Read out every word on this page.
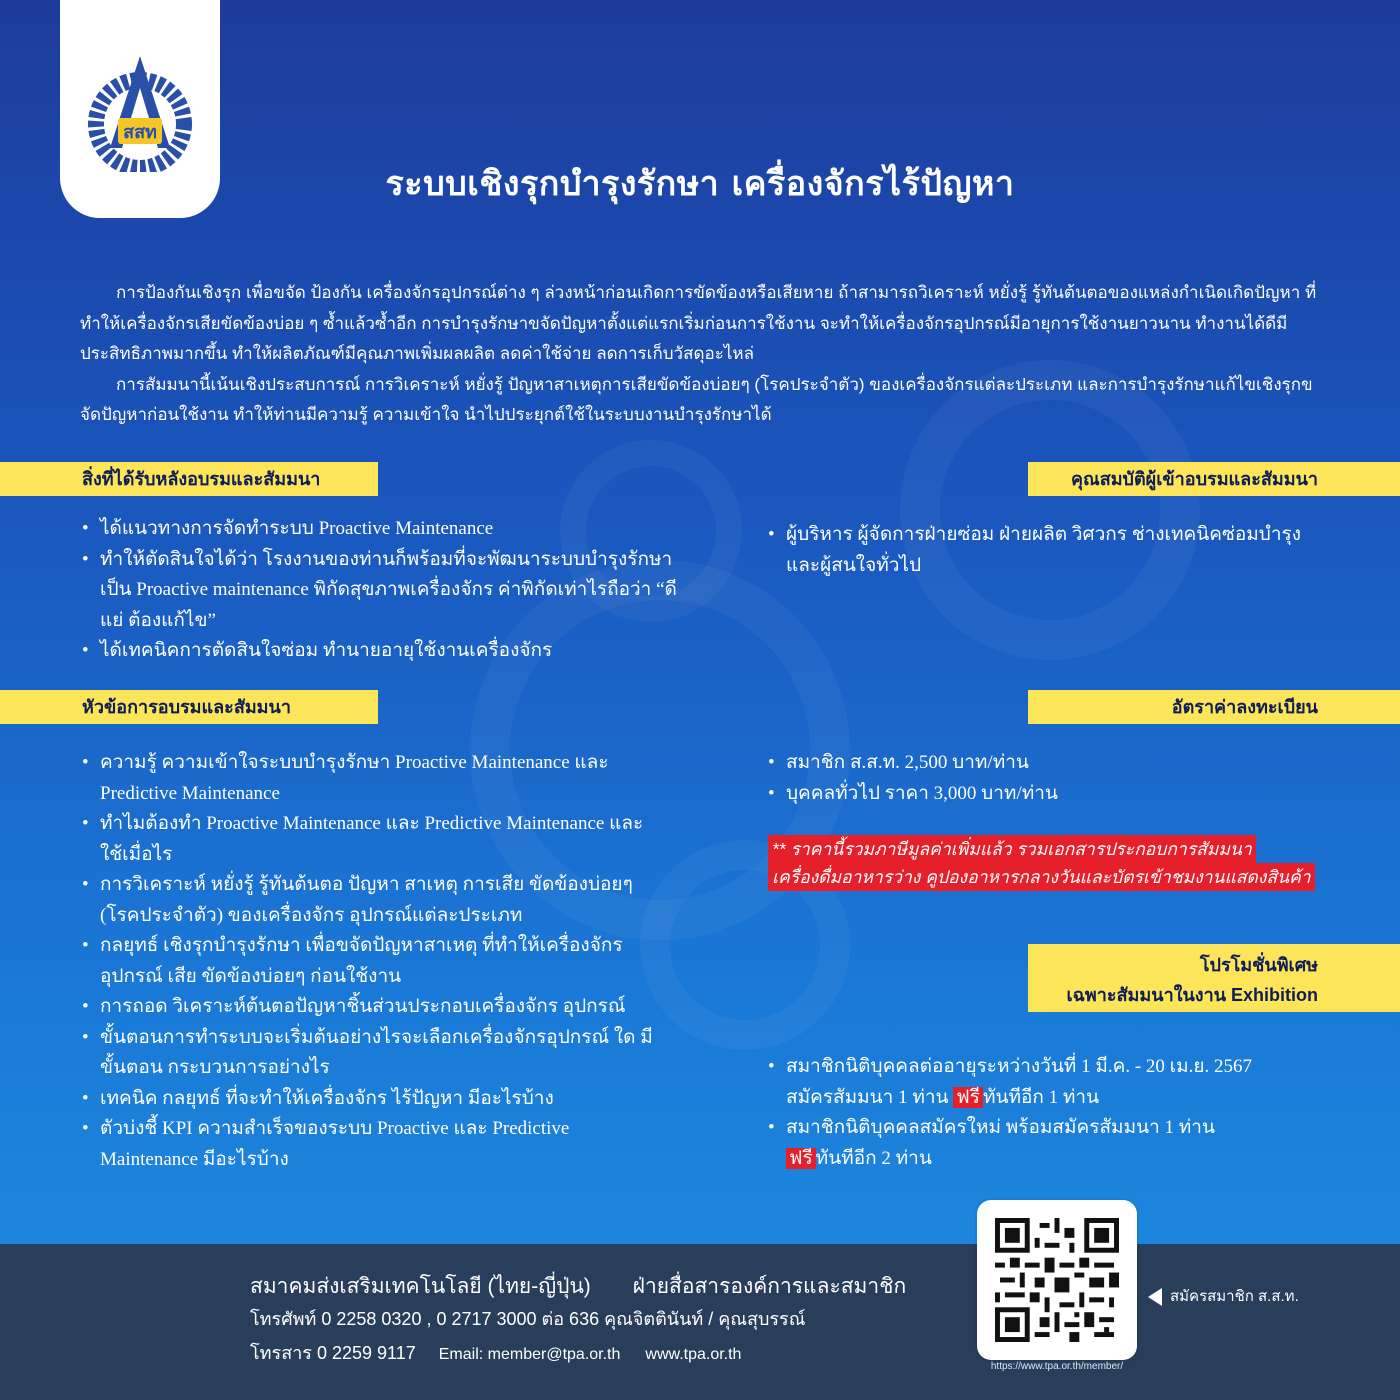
สสท
ระบบเชิงรุกบำรุงรักษา เครื่องจักรไร้ปัญหา

การป้องกันเชิงรุก เพื่อขจัด ป้องกัน เครื่องจักรอุปกรณ์ต่าง ๆ ล่วงหน้าก่อนเกิดการขัดข้องหรือเสียหาย ถ้าสามารถวิเคราะห์ หยั่งรู้ รู้ทันต้นตอของแหล่งกำเนิดเกิดปัญหา ที่ทำให้เครื่องจักรเสียขัดข้องบ่อย ๆ ซ้ำแล้วซ้ำอีก การบำรุงรักษาขจัดปัญหาตั้งแต่แรกเริ่มก่อนการใช้งาน จะทำให้เครื่องจักรอุปกรณ์มีอายุการใช้งานยาวนาน ทำงานได้ดีมีประสิทธิภาพมากขึ้น ทำให้ผลิตภัณฑ์มีคุณภาพเพิ่มผลผลิต ลดค่าใช้จ่าย ลดการเก็บวัสดุอะไหล่

การสัมมนานี้เน้นเชิงประสบการณ์ การวิเคราะห์ หยั่งรู้ ปัญหาสาเหตุการเสียขัดข้องบ่อยๆ (โรคประจำตัว) ของเครื่องจักรแต่ละประเภท และการบำรุงรักษาแก้ไขเชิงรุกขจัดปัญหาก่อนใช้งาน ทำให้ท่านมีความรู้ ความเข้าใจ นำไปประยุกต์ใช้ในระบบงานบำรุงรักษาได้

สิ่งที่ได้รับหลังอบรมและสัมมนา
• ได้แนวทางการจัดทำระบบ Proactive Maintenance
• ทำให้ตัดสินใจได้ว่า โรงงานของท่านก็พร้อมที่จะพัฒนาระบบบำรุงรักษาเป็น Proactive maintenance พิกัดสุขภาพเครื่องจักร ค่าพิกัดเท่าไรถือว่า “ดี แย่ ต้องแก้ไข”
• ได้เทคนิคการตัดสินใจซ่อม ทำนายอายุใช้งานเครื่องจักร
คุณสมบัติผู้เข้าอบรมและสัมมนา
• ผู้บริหาร ผู้จัดการฝ่ายซ่อม ฝ่ายผลิต วิศวกร ช่างเทคนิคซ่อมบำรุง และผู้สนใจทั่วไป
หัวข้อการอบรมและสัมมนา
• ความรู้ ความเข้าใจระบบบำรุงรักษา Proactive Maintenance และ Predictive Maintenance
• ทำไมต้องทำ Proactive Maintenance และ Predictive Maintenance และใช้เมื่อไร
• การวิเคราะห์ หยั่งรู้ รู้ทันต้นตอ ปัญหา สาเหตุ การเสีย ขัดข้องบ่อยๆ (โรคประจำตัว) ของเครื่องจักร อุปกรณ์แต่ละประเภท
• กลยุทธ์ เชิงรุกบำรุงรักษา เพื่อขจัดปัญหาสาเหตุ ที่ทำให้เครื่องจักร อุปกรณ์ เสีย ขัดข้องบ่อยๆ ก่อนใช้งาน
• การถอด วิเคราะห์ต้นตอปัญหาชิ้นส่วนประกอบเครื่องจักร อุปกรณ์
• ขั้นตอนการทำระบบจะเริ่มต้นอย่างไรจะเลือกเครื่องจักรอุปกรณ์ ใด มีขั้นตอน กระบวนการอย่างไร
• เทคนิค กลยุทธ์ ที่จะทำให้เครื่องจักร ไร้ปัญหา มีอะไรบ้าง
• ตัวบ่งชี้ KPI ความสำเร็จของระบบ Proactive และ Predictive Maintenance มีอะไรบ้าง
อัตราค่าลงทะเบียน
• สมาชิก ส.ส.ท. 2,500 บาท/ท่าน
• บุคคลทั่วไป ราคา 3,000 บาท/ท่าน
** ราคานี้รวมภาษีมูลค่าเพิ่มแล้ว รวมเอกสารประกอบการสัมมนา
เครื่องดื่มอาหารว่าง คูปองอาหารกลางวันและบัตรเข้าชมงานแสดงสินค้า
โปรโมชั่นพิเศษ
เฉพาะสัมมนาในงาน Exhibition
• สมาชิกนิติบุคคลต่ออายุระหว่างวันที่ 1 มี.ค. - 20 เม.ย. 2567
สมัครสัมมนา 1 ท่าน ฟรี ทันทีอีก 1 ท่าน
• สมาชิกนิติบุคคลสมัครใหม่ พร้อมสมัครสัมมนา 1 ท่าน
ฟรี ทันทีอีก 2 ท่าน
สมาคมส่งเสริมเทคโนโลยี (ไทย-ญี่ปุ่น) ฝ่ายสื่อสารองค์การและสมาชิก
โทรศัพท์ 0 2258 0320 , 0 2717 3000 ต่อ 636 คุณจิตตินันท์ / คุณสุบรรณ์
โทรสาร 0 2259 9117 Email: member@tpa.or.th www.tpa.or.th
https://www.tpa.or.th/member/
สมัครสมาชิก ส.ส.ท.
